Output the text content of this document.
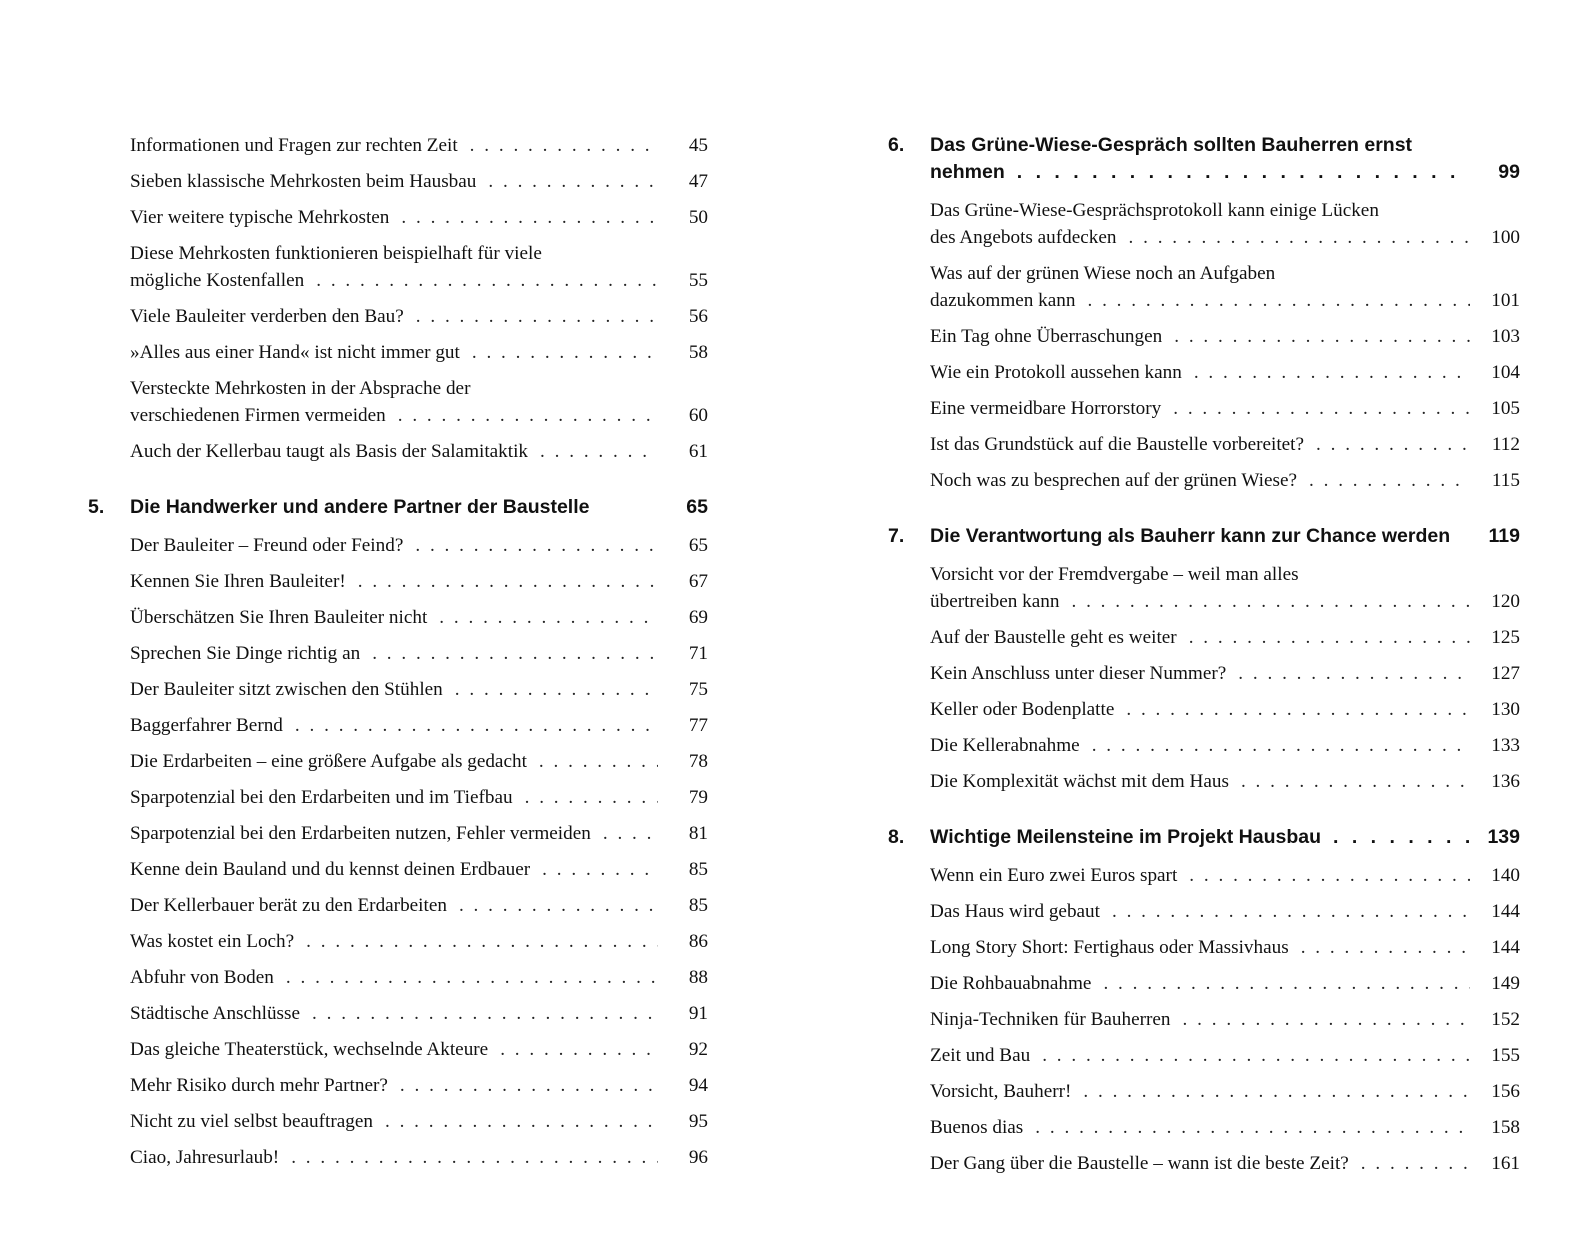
Informationen und Fragen zur rechten Zeit . . .	45
Sieben klassische Mehrkosten beim Hausbau . . .	47
Vier weitere typische Mehrkosten . . .	50
Diese Mehrkosten funktionieren beispielhaft für viele
mögliche Kostenfallen . . .	55
Viele Bauleiter verderben den Bau? . . .	56
»Alles aus einer Hand« ist nicht immer gut . . .	58
Versteckte Mehrkosten in der Absprache der
verschiedenen Firmen vermeiden . . .	60
Auch der Kellerbau taugt als Basis der Salamitaktik . . .	61
5. Die Handwerker und andere Partner der Baustelle	65
Der Bauleiter – Freund oder Feind? . . .	65
Kennen Sie Ihren Bauleiter! . . .	67
Überschätzen Sie Ihren Bauleiter nicht . . .	69
Sprechen Sie Dinge richtig an . . .	71
Der Bauleiter sitzt zwischen den Stühlen . . .	75
Baggerfahrer Bernd . . .	77
Die Erdarbeiten – eine größere Aufgabe als gedacht . . .	78
Sparpotenzial bei den Erdarbeiten und im Tiefbau . . .	79
Sparpotenzial bei den Erdarbeiten nutzen, Fehler vermeiden . . .	81
Kenne dein Bauland und du kennst deinen Erdbauer . . .	85
Der Kellerbauer berät zu den Erdarbeiten . . .	85
Was kostet ein Loch? . . .	86
Abfuhr von Boden . . .	88
Städtische Anschlüsse . . .	91
Das gleiche Theaterstück, wechselnde Akteure . . .	92
Mehr Risiko durch mehr Partner? . . .	94
Nicht zu viel selbst beauftragen . . .	95
Ciao, Jahresurlaub! . . .	96
6. Das Grüne-Wiese-Gespräch sollten Bauherren ernst
nehmen . . .	99
Das Grüne-Wiese-Gesprächsprotokoll kann einige Lücken
des Angebots aufdecken . . .	100
Was auf der grünen Wiese noch an Aufgaben
dazukommen kann . . .	101
Ein Tag ohne Überraschungen . . .	103
Wie ein Protokoll aussehen kann . . .	104
Eine vermeidbare Horrorstory . . .	105
Ist das Grundstück auf die Baustelle vorbereitet? . . .	112
Noch was zu besprechen auf der grünen Wiese? . . .	115
7. Die Verantwortung als Bauherr kann zur Chance werden	119
Vorsicht vor der Fremdvergabe – weil man alles
übertreiben kann . . .	120
Auf der Baustelle geht es weiter . . .	125
Kein Anschluss unter dieser Nummer? . . .	127
Keller oder Bodenplatte . . .	130
Die Kellerabnahme . . .	133
Die Komplexität wächst mit dem Haus . . .	136
8. Wichtige Meilensteine im Projekt Hausbau . . .	139
Wenn ein Euro zwei Euros spart . . .	140
Das Haus wird gebaut . . .	144
Long Story Short: Fertighaus oder Massivhaus . . .	144
Die Rohbauabnahme . . .	149
Ninja-Techniken für Bauherren . . .	152
Zeit und Bau . . .	155
Vorsicht, Bauherr! . . .	156
Buenos dias . . .	158
Der Gang über die Baustelle – wann ist die beste Zeit? . . .	161
